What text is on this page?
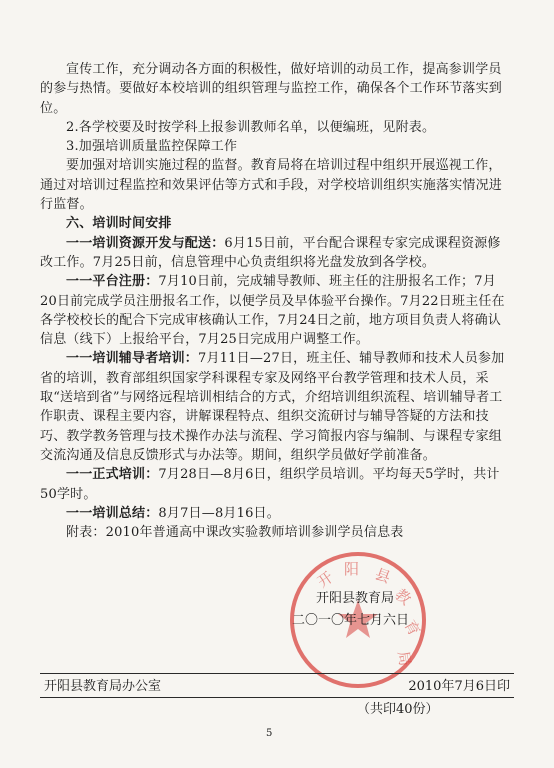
宣传工作，充分调动各方面的积极性，做好培训的动员工作，提高参训学员的参与热情。要做好本校培训的组织管理与监控工作，确保各个工作环节落实到位。

2.各学校要及时按学科上报参训教师名单，以便编班，见附表。

3.加强培训质量监控保障工作

要加强对培训实施过程的监督。教育局将在培训过程中组织开展巡视工作，通过对培训过程监控和效果评估等方式和手段，对学校培训组织实施落实情况进行监督。

六、培训时间安排

一一培训资源开发与配送：6月15日前，平台配合课程专家完成课程资源修改工作。7月25日前，信息管理中心负责组织将光盘发放到各学校。

一一平台注册：7月10日前，完成辅导教师、班主任的注册报名工作；7月20日前完成学员注册报名工作，以便学员及早体验平台操作。7月22日班主任在各学校校长的配合下完成审核确认工作，7月24日之前，地方项目负责人将确认信息（线下）上报给平台，7月25日完成用户调整工作。

一一培训辅导者培训：7月11日—27日，班主任、辅导教师和技术人员参加省的培训，教育部组织国家学科课程专家及网络平台教学管理和技术人员，采取“送培到省”与网络远程培训相结合的方式，介绍培训组织流程、培训辅导者工作职责、课程主要内容，讲解课程特点、组织交流研讨与辅导答疑的方法和技巧、教学教务管理与技术操作办法与流程、学习简报内容与编制、与课程专家组交流沟通及信息反馈形式与办法等。期间，组织学员做好学前准备。

一一正式培训：7月28日—8月6日，组织学员培训。平均每天5学时，共计50学时。

一一培训总结：8月7日—8月16日。

附表：2010年普通高中课改实验教师培训参训学员信息表

开 阳 县
教
育
局
开阳县教育局
二〇一〇年七月六日
开阳县教育局办公室	2010年7月6日印
（共印40份）
5
